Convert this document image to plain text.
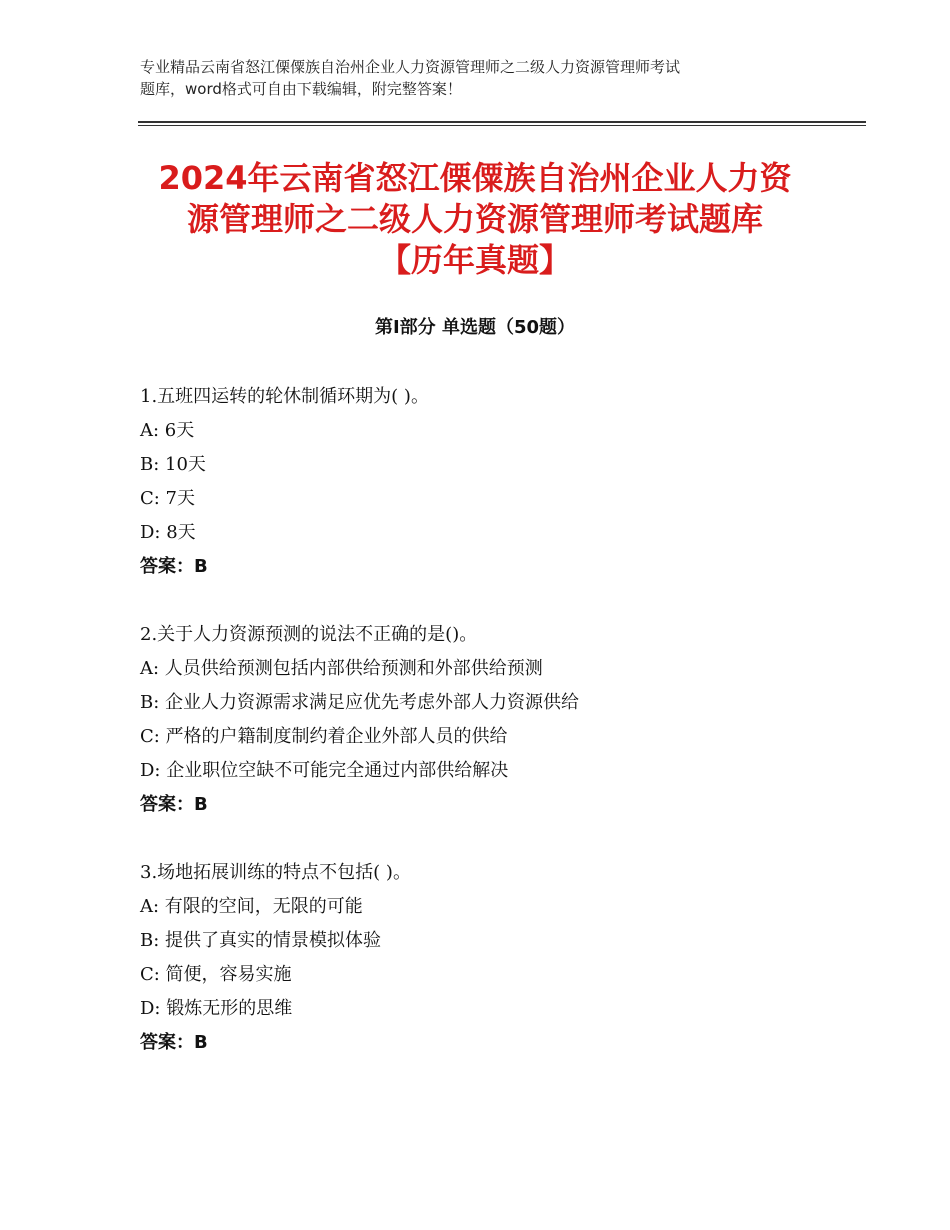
专业精品云南省怒江傈僳族自治州企业人力资源管理师之二级人力资源管理师考试
题库，word格式可自由下载编辑，附完整答案！
2024年云南省怒江傈僳族自治州企业人力资
源管理师之二级人力资源管理师考试题库
【历年真题】
第Ⅰ部分 单选题（50题）
1.五班四运转的轮休制循环期为( )。
A: 6天
B: 10天
C: 7天
D: 8天
答案：B
2.关于人力资源预测的说法不正确的是()。
A: 人员供给预测包括内部供给预测和外部供给预测
B: 企业人力资源需求满足应优先考虑外部人力资源供给
C: 严格的户籍制度制约着企业外部人员的供给
D: 企业职位空缺不可能完全通过内部供给解决
答案：B
3.场地拓展训练的特点不包括( )。
A: 有限的空间，无限的可能
B: 提供了真实的情景模拟体验
C: 简便，容易实施
D: 锻炼无形的思维
答案：B
